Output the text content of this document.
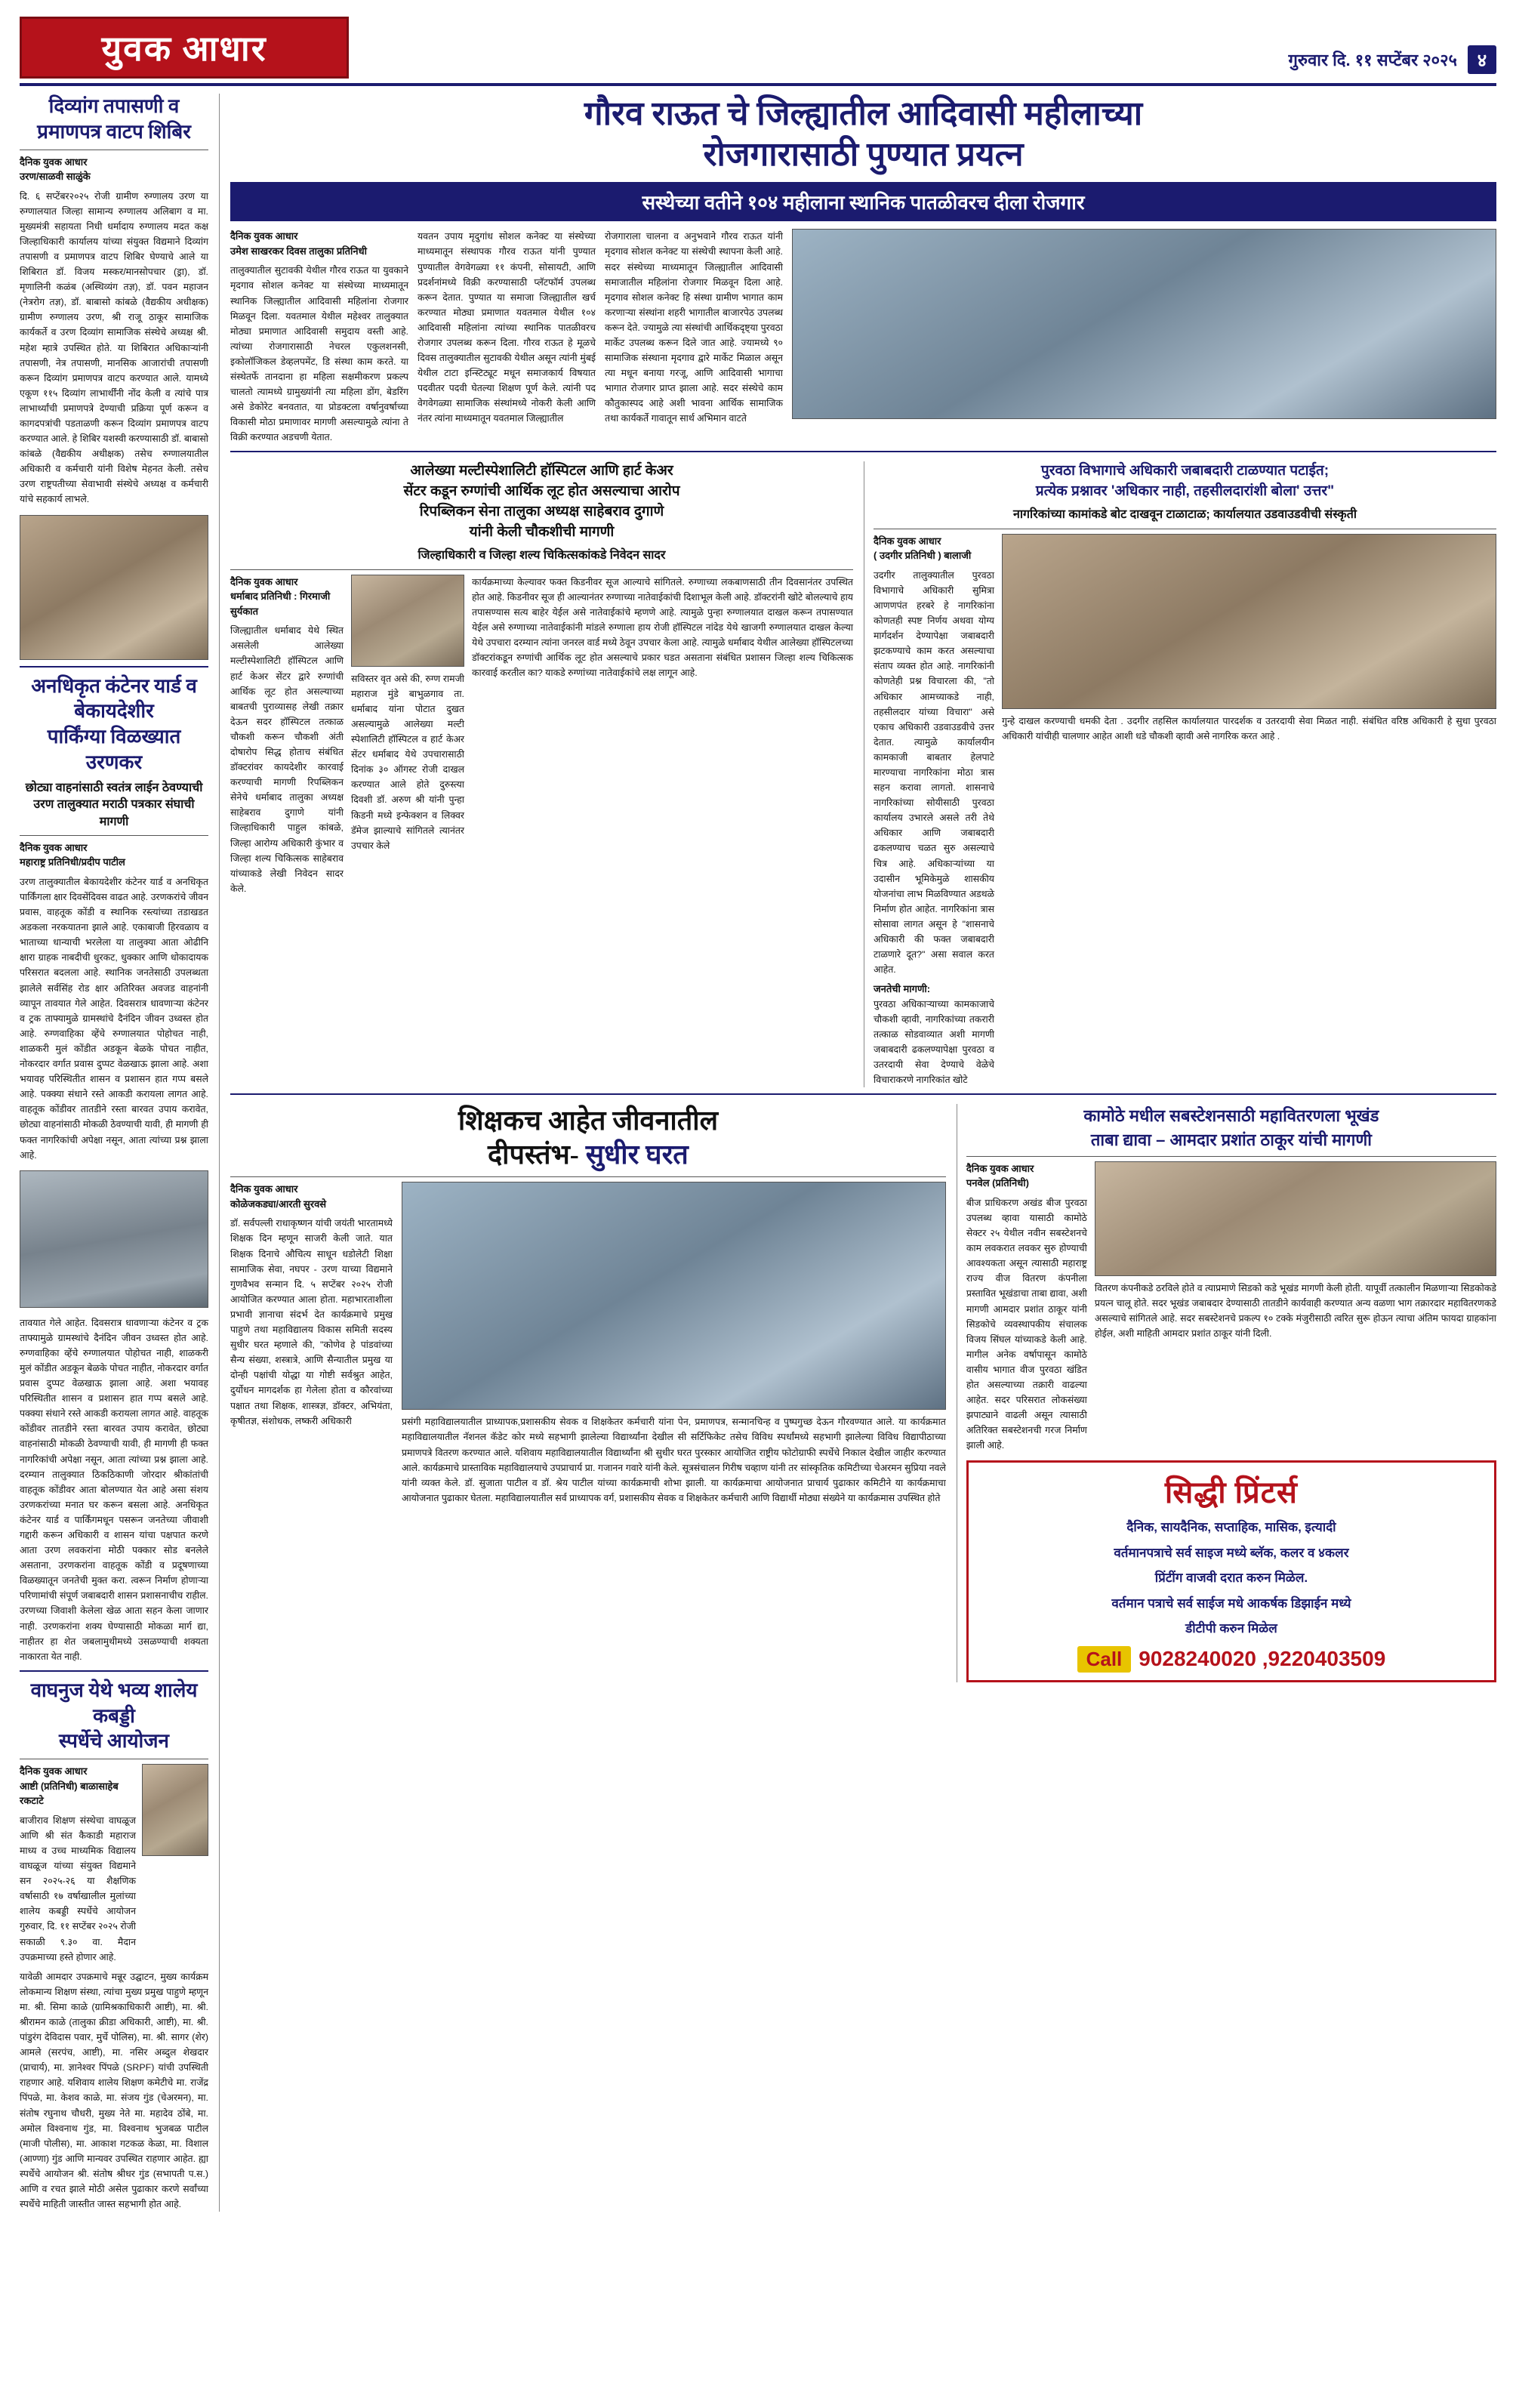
युवक आधार	गुरुवार दि. ११ सप्टेंबर २०२५	४
दिव्यांग तपासणी व प्रमाणपत्र वाटप शिबिर
दैनिक युवक आधार
उरण/साळवी साळुंके
दि. ६ सप्टेंबर२०२५ रोजी ग्रामीण रुग्णालय उरण या रुग्णालयात जिल्हा सामान्य रुग्णालय अलिबाग व मा. मुख्यमंत्री सहायता निधी धर्मादाय रुग्णालय मदत कक्ष जिल्हाधिकारी कार्यालय यांच्या संयुक्त विद्यमाने दिव्यांग तपासणी व प्रमाणपत्र वाटप शिबिर घेण्याचे आले या शिबिरात डॉ. विजय मस्कर/मानसोपचार (ड्रा), डॉ. मृणालिनी कळंब (अस्थिव्यंग तज्ञ), डॉ. पवन महाजन (नेत्ररोग तज्ञ), डॉ. बाबासो कांबळे (वैद्यकीय अधीक्षक) ग्रामीण रुग्णालय उरण, श्री राजू ठाकूर सामाजिक कार्यकर्ते व उरण दिव्यांग सामाजिक संस्थेचे अध्यक्ष श्री. महेश म्हात्रे उपस्थित होते. या शिबिरात अधिकाऱ्यांनी तपासणी, नेत्र तपासणी, मानसिक आजारांची तपासणी करून दिव्यांग प्रमाणपत्र वाटप करण्यात आले. यामध्ये एकूण ११५ दिव्यांग लाभार्थींनी नोंद केली व त्यांचे पात्र लाभार्थ्यांची प्रमाणपत्रे देण्याची प्रक्रिया पूर्ण करून व कागदपत्रांची पडताळणी करून दिव्यांग प्रमाणपत्र वाटप करण्यात आले. हे शिबिर यशस्वी करण्यासाठी डॉ. बाबासो कांबळे (वैद्यकीय अधीक्षक) तसेच रुग्णालयातील अधिकारी व कर्मचारी यांनी विशेष मेहनत केली. तसेच उरण राष्ट्रपतीच्या सेवाभावी संस्थेचे अध्यक्ष व कर्मचारी यांचे सहकार्य लाभले.
अनधिकृत कंटेनर यार्ड व बेकायदेशीर
पार्किंग्या विळख्यात उरणकर
छोट्या वाहनांसाठी स्वतंत्र लाईन ठेवण्याची
उरण तालुक्यात मराठी पत्रकार संघाची मागणी
दैनिक युवक आधार
महाराष्ट्र प्रतिनिधी/प्रदीप पाटील
उरण तालुक्यातील बेकायदेशीर कंटेनर यार्ड व अनधिकृत पार्किंगला क्षार दिवसेंदिवस वाढत आहे. उरणकरांचे जीवन प्रवास, वाहतूक कोंडी व स्थानिक रस्त्यांच्या तडाखडत अडकला नरकयातना झाले आहे. एकाबाजी हिरवळाय व भाताच्या धान्याची भरलेला या तालुक्या आता ओढीनि क्षारा ग्राहक नाबदीची धुरकट, धुक्कार आणि धोकादायक परिसरात बदलला आहे. स्थानिक जनतेसाठी उपलब्धता झालेले सर्वसिंह रोड क्षार अतिरिक्त अवजड वाहनांनी व्यापून तावयात गेले आहेत. दिवसरात्र धावणाऱ्या कंटेनर व ट्रक ताफ्यामुळे ग्रामस्थांचे दैनंदिन जीवन उध्वस्त होत आहे. रुग्णवाहिका व्हेंचे रुग्णालयात पोहोचत नाही, शाळकरी मुलं कोंडीत अडकून बेळके पोचत नाहीत, नोकरदार वर्गात प्रवास दुप्पट वेळखाऊ झाला आहे. अशा भयावह परिस्थितीत शासन व प्रशासन हात गप्प बसले आहे. पक्क्या संधाने रस्ते आकडी करायला लागत आहे. वाहतूक कोंडीवर तातडीने रस्ता बारवत उपाय करावेत, छोट्या वाहनांसाठी मोकळी ठेवण्याची यावी, ही मागणी ही फक्त नागरिकांची अपेक्षा नसून, आता त्यांच्या प्रश्न झाला आहे.
तावयात गेले आहेत. दिवसरात्र धावणाऱ्या कंटेनर व ट्रक ताफ्यामुळे ग्रामस्थांचे दैनंदिन जीवन उध्वस्त होत आहे. रुग्णवाहिका व्हेंचे रुग्णालयात पोहोचत नाही, शाळकरी मुलं कोंडीत अडकून बेळके पोचत नाहीत, नोकरदार वर्गात प्रवास दुप्पट वेळखाऊ झाला आहे. अशा भयावह परिस्थितीत शासन व प्रशासन हात गप्प बसले आहे. पक्क्या संधाने रस्ते आकडी करायला लागत आहे. वाहतूक कोंडीवर तातडीने रस्ता बारवत उपाय करावेत, छोट्या वाहनांसाठी मोकळी ठेवण्याची यावी, ही मागणी ही फक्त नागरिकांची अपेक्षा नसून, आता त्यांच्या प्रश्न झाला आहे. दरम्यान तालुक्यात ठिकठिकाणी जोरदार श्रीकांतांची वाहतूक कोंडीवर आता बोलण्यात येत आहे असा संशय उरणकरांच्या मनात घर करून बसला आहे. अनधिकृत कंटेनर यार्ड व पार्किंगमधून पसरून जनतेच्या जीवाशी गद्दारी करून अधिकारी व शासन यांचा पक्षपात करणे आता उरण लवकरांना मोठी पक्कार सोड बनलेले असताना, उरणकरांना वाहतूक कोंडी व प्रदूषणाच्या विळख्यातून जनतेची मुक्त करा. त्वरून निर्माण होणाऱ्या परिणामांची संपूर्ण जबाबदारी शासन प्रशासनाचीच राहील. उरणच्या जिवाशी केलेला खेळ आता सहन केला जाणार नाही. उरणकरांना शक्य घेण्यासाठी मोकळा मार्ग द्या, नाहीतर हा शेत जबलामुथीमध्ये उसळण्याची शक्यता नाकारता येत नाही.
वाघनुज येथे भव्य शालेय कबड्डी
स्पर्धेचे आयोजन
दैनिक युवक आधार
आष्टी (प्रतिनिधी) बाळासाहेब रकटाटे
बाजीराव शिक्षण संस्थेचा वाघळूज आणि श्री संत कैकाडी महाराज माध्य व उच्च माध्यमिक विद्यालय वाघळूज यांच्या संयुक्त विद्यमाने सन २०२५-२६ या शैक्षणिक वर्षासाठी १७ वर्षाखालील मुलांच्या शालेय कबड्डी स्पर्धेचे आयोजन गुरुवार, दि. ११ सप्टेंबर २०२५ रोजी सकाळी ९.३० वा. मैदान उपक्रमाच्या हस्ते होणार आहे.
यावेळी आमदार उपक्रमाचे मन्नूर उद्घाटन, मुख्य कार्यक्रम लोकमान्य शिक्षण संस्था, त्यांचा मुख्य प्रमुख पाहुणे म्हणून मा. श्री. सिमा काळे (ग्रामिश्रकाधिकारी आष्टी), मा. श्री. श्रीरामन काळे (तालुका क्रीडा अधिकारी, आष्टी), मा. श्री. पांडुरंग देविदास पवार, मुर्चे पोलिस), मा. श्री. सागर (शेर) आमले (सरपंच, आष्टी), मा. नसिर अब्दुल शेखदार (प्राचार्य), मा. ज्ञानेश्वर पिंपळे (SRPF) यांची उपस्थिती राहणार आहे. यशिवाय शालेय शिक्षण कमेटीचे मा. राजेंद्र पिंपळे, मा. केशव काळे, मा. संजय गुंड (चेअरमन), मा. संतोष रघुनाथ चौधरी, मुख्य नेते मा. महादेव ठोंबे, मा. अमोल विश्वनाथ गुंड, मा. विश्वनाथ भुजबळ पाटील (माजी पोलीस), मा. आकाश गटकळ केळा, मा. विशाल (आण्णा) गुंड आणि मान्यवर उपस्थित राहणार आहेत. ह्या स्पर्धेचे आयोजन श्री. संतोष श्रीधर गुंड (सभापती प.स.) आणि व रचत झाले मोठी असेल पुढाकार करणे सर्वांच्या स्पर्धेचे माहिती जास्तीत जास्त सहभागी होत आहे.
गौरव राऊत चे जिल्ह्यातील आदिवासी महीलाच्या
रोजगारासाठी पुण्यात प्रयत्न
सस्थेच्या वतीने १०४ महीलाना स्थानिक पातळीवरच दीला रोजगार
दैनिक युवक आधार
उमेश साखरकर दिवस तालुका प्रतिनिधी
तालुक्यातील सुटावकी येथील गौरव राऊत या युवकाने मृदगाव सोशल कनेक्ट या संस्थेच्या माध्यमातून स्थानिक जिल्ह्यातील आदिवासी महिलांना रोजगार मिळवून दिला. यवतमाल येथील महेश्वर तालुक्यात मोठ्या प्रमाणात आदिवासी समुदाय वस्ती आहे. त्यांच्या रोजगारासाठी नेचरल एकुलशनसी, इकोलॉजिकल डेव्हलपमेंट, डि संस्था काम करते. या संस्थेतर्फे तानदाना हा महिला सक्षमीकरण प्रकल्प चालतो त्यामध्ये ग्रामुख्यांनी त्या महिला डोंग, बेडरिंग असे डेकोरेट बनवतात, या प्रोडक्टला वर्षानुवर्षाच्या विकासी मोठा प्रमाणावर मागणी असल्यामुळे त्यांना ते विक्री करण्यात अडचणी येतात.
यवतन उपाय मृदुगांध सोशल कनेक्ट या संस्थेच्या माध्यमातून संस्थापक गौरव राऊत यांनी पुण्यात पुण्यातील वेगवेगळ्या ११ कंपनी, सोसायटी, आणि प्रदर्शनांमध्ये विक्री करण्यासाठी प्लॅटफॉर्म उपलब्ध करून देतात. पुण्यात या समाजा जिल्ह्यातील खर्च करण्यात मोठ्या प्रमाणात यवतमाल येथील १०४ आदिवासी महिलांना त्यांच्या स्थानिक पातळीवरच रोजगार उपलब्ध करून दिला. गौरव राऊत हे मूळचे दिवस तालुक्यातील सुटावकी येथील असून त्यांनी मुंबई येथील टाटा इन्स्टिट्यूट मधून समाजकार्य विषयात पदवीतर पदवी घेतल्या शिक्षण पूर्ण केले. त्यांनी पद वेगवेगळ्या सामाजिक संस्थांमध्ये नोकरी केली आणि नंतर त्यांना माध्यमातून यवतमाल जिल्ह्यातील
रोजगाराला चालना व अनुभवाने गौरव राऊत यांनी मृदगाव सोशल कनेक्ट या संस्थेची स्थापना केली आहे. सदर संस्थेच्या माध्यमातून जिल्ह्यातील आदिवासी समाजातील महिलांना रोजगार मिळवून दिला आहे. मृदगाव सोशल कनेक्ट हि संस्था ग्रामीण भागात काम करणाऱ्या संस्थांना शहरी भागातील बाजारपेठ उपलब्ध करून देते. ज्यामुळे त्या संस्थांची आर्थिकदृष्ट्या पुरवठा मार्केट उपलब्ध करून दिले जात आहे. ज्यामध्ये ९० सामाजिक संस्थाना मृदगाव द्वारे मार्केट मिळाल असून त्या मधून बनाया गरजू, आणि आदिवासी भागाचा भागात रोजगार प्राप्त झाला आहे. सदर संस्थेचे काम कौतुकास्पद आहे अशी भावना आर्थिक सामाजिक तथा कार्यकर्ते गावातून सार्थ अभिमान वाटते
आलेख्या मल्टीस्पेशालिटी हॉस्पिटल आणि हार्ट केअर
सेंटर कडून रुग्णांची आर्थिक लूट होत असल्याचा आरोप
रिपब्लिकन सेना तालुका अध्यक्ष साहेबराव दुगाणे
यांनी केली चौकशीची मागणी
जिल्हाधिकारी व जिल्हा शल्य चिकित्सकांकडे निवेदन सादर
दैनिक युवक आधार
धर्माबाद प्रतिनिधी : गिरमाजी सुर्यकात
जिल्ह्यातील धर्माबाद येथे स्थित असलेली आलेख्या मल्टीस्पेशालिटी हॉस्पिटल आणि हार्ट केअर सेंटर द्वारे रुग्णांची आर्थिक लूट होत असल्याच्या बाबतची पुराव्यासह लेखी तक्रार देऊन सदर हॉस्पिटल तत्काळ चौकशी करून चौकशी अंती दोषारोप सिद्ध होताच संबंधित डॉक्टरांवर कायदेशीर कारवाई करण्याची मागणी रिपब्लिकन सेनेचे धर्माबाद तालुका अध्यक्ष साहेबराव दुगाणे यांनी जिल्हाधिकारी पाहुल कांबळे, जिल्हा आरोग्य अधिकारी कुंभार व जिल्हा शल्य चिकित्सक साहेबराव यांच्याकडे लेखी निवेदन सादर केले.
सविस्तर वृत असे की, रुग्ण रामजी महाराज मुंडे बाभुळगाव ता. धर्माबाद यांना पोटात दुखत असल्यामुळे आलेख्या मल्टी स्पेशालिटी हॉस्पिटल व हार्ट केअर सेंटर धर्माबाद येथे उपचारासाठी दिनांक ३० ऑगस्ट रोजी दाखल करण्यात आले होते दुरुस्त्या दिवशी डॉ. अरुण श्री यांनी पुन्हा किडनी मध्ये इन्फेक्शन व लिक्वर डॅमेज झाल्याचे सांगितले त्यानंतर उपचार केले
कार्यक्रमाच्या केल्यावर फक्त किडनीवर सूज आल्याचे सांगितले. रुग्णाच्या लकबाणसाठी तीन दिवसानंतर उपस्थित होत आहे. किडनीवर सूज ही आल्यानंतर रुग्णाच्या नातेवाईकांची दिशाभूल केली आहे. डॉक्टरांनी खोटे बोलल्याचे हाय तपासण्यास सत्य बाहेर येईल असे नातेवाईकांचे म्हणणे आहे. त्यामुळे पुन्हा रुग्णालयात दाखल करून तपासण्यात येईल असे रुग्णाच्या नातेवाईकांनी मांडले रुग्णाला हाय रोजी हॉस्पिटल नांदेड येथे खाजगी रुग्णालयात दाखल केल्या येथे उपचारा दरम्यान त्यांना जनरल वार्ड मध्ये ठेवून उपचार केला आहे. त्यामुळे धर्माबाद येथील आलेख्या हॉस्पिटलच्या डॉक्टरांकडून रुग्णांची आर्थिक लूट होत असल्याचे प्रकार घडत असताना संबंधित प्रशासन जिल्हा शल्य चिकित्सक कारवाई करतील का? याकडे रुग्णांच्या नातेवाईकांचे लक्ष लागून आहे.
पुरवठा विभागाचे अधिकारी जबाबदारी टाळण्यात पटाईत;
प्रत्येक प्रश्नावर 'अधिकार नाही, तहसीलदारांशी बोला' उत्तर"
नागरिकांच्या कामांकडे बोट दाखवून टाळाटाळ; कार्यालयात उडवाउडवीची संस्कृती
दैनिक युवक आधार
( उदगीर प्रतिनिधी ) बालाजी
उदगीर तालुक्यातील पुरवठा विभागाचे अधिकारी सुमित्रा आणणपंत हरबरे हे नागरिकांना कोणतही स्पष्ट निर्णय अथवा योग्य मार्गदर्शन देण्यापेक्षा जबाबदारी झटकण्याचे काम करत असल्याचा संताप व्यक्त होत आहे. नागरिकांनी कोणतेही प्रश्न विचारला की, "तो अधिकार आमच्याकडे नाही, तहसीलदार यांच्या विचारा" असे एकाच अधिकारी उडवाउडवीचे उत्तर देतात. त्यामुळे कार्यालयीन कामकाजी बाबतार हेलपाटे मारण्याचा नागरिकांना मोठा त्रास सहन करावा लागतो. शासनाचे नागरिकांच्या सोयीसाठी पुरवठा कार्यालय उभारले असले तरी तेथे अधिकार आणि जबाबदारी ढकलण्याच चळत सुरु असल्याचे चित्र आहे. अधिकाऱ्यांच्या या उदासीन भूमिकेमुळे शासकीय योजनांचा लाभ मिळविण्यात अडथळे निर्माण होत आहेत. नागरिकांना त्रास सोसावा लागत असून हे "शासनाचे अधिकारी की फक्त जबाबदारी टाळणारे दूत?" असा सवाल करत आहेत.
जनतेची मागणी:
पुरवठा अधिकाऱ्याच्या कामकाजाचे चौकशी व्हावी, नागरिकांच्या तकरारी तत्काळ सोडवाव्यात अशी मागणी जबाबदारी ढकलण्यापेक्षा पुरवठा व उतरदायी सेवा देण्याचे वेळेचे विचाराकरणे नागरिकांत खोटे
गुन्हे दाखल करण्याची धमकी देता . उदगीर तहसिल कार्यालयात पारदर्शक व उतरदायी सेवा मिळत नाही. संबंधित वरिष्ठ अधिकारी हे सुधा पुरवठा अधिकारी यांचीही चालणार आहेत आशी धडे चौकशी व्हावी असे नागरिक करत आहे .
शिक्षकच आहेत जीवनातील
दीपस्तंभ- सुधीर घरत
दैनिक युवक आधार
कोळेजकड्या/आरती सुरवसे
डॉ. सर्वपल्ली राधाकृष्णन यांची जयंती भारतामध्ये शिक्षक दिन म्हणून साजरी केली जाते. यात शिक्षक दिनाचे औचित्य साधून धडोलेटी शिक्षा सामाजिक सेवा, नघपर - उरण याच्या विद्यमाने गुणवैभव सन्मान दि. ५ सप्टेंबर २०२५ रोजी आयोजित करण्यात आला होता. महाभारताशीला प्रभावी ज्ञानाचा संदर्भ देत कार्यक्रमाचे प्रमुख पाहुणे तथा महाविद्यालय विकास समिती सदस्य सुधीर घरत म्हणाले की, "कोणेव हे पांडवांच्या सैन्य संख्या, शस्त्रात्रे, आणि सैन्यातील प्रमुख या दोन्ही पक्षांची योद्धा या गोष्टी सर्वश्रुत आहेत, दुर्योधन मागदर्शक हा गेलेला होता व कौरवांच्या पक्षात तथा शिक्षक, शास्त्रज्ञ, डॉक्टर, अभियंता, कृषीतज्ञ, संशोधक, लष्करी अधिकारी	प्रसंगी महाविद्यालयातील प्राध्यापक,प्रशासकीय सेवक व शिक्षकेतर कर्मचारी यांना पेन, प्रमाणपत्र, सन्मानचिन्ह व पुष्पगुच्छ देऊन गौरवण्यात आले. या कार्यक्रमात महाविद्यालयातील नॅशनल कॅडेट कोर मध्ये सहभागी झालेल्या विद्यार्थ्यांना देखील सी सर्टिफिकेट तसेच विविध स्पर्धांमध्ये सहभागी झालेल्या विविध विद्यापीठाच्या प्रमाणपत्रे वितरण करण्यात आले. यशिवाय महाविद्यालयातील विद्यार्थ्यांना श्री सुधीर घरत पुरस्कार आयोजित राष्ट्रीय फोटोग्राफी स्पर्धेचे निकाल देखील जाहीर करण्यात आले. कार्यक्रमाचे प्रास्ताविक महाविद्यालयाचे उपप्राचार्य प्रा. गजानन गवारे यांनी केले. सूत्रसंचालन गिरीष चव्हाण यांनी तर सांस्कृतिक कमिटीच्या चेअरमन सुप्रिया नवले यांनी व्यक्त केले. डॉ. सुजाता पाटील व डॉ. श्रेय पाटील यांच्या कार्यक्रमाची शोभा झाली. या कार्यक्रमाचा आयोजनात प्राचार्य पुढाकार कमिटीने या कार्यक्रमाचा आयोजनात पुढाकार घेतला. महाविद्यालयातील सर्व प्राध्यापक वर्ग, प्रशासकीय सेवक व शिक्षकेतर कर्मचारी आणि विद्यार्थी मोठ्या संख्येने या कार्यक्रमास उपस्थित होते
कामोठे मधील सबस्टेशनसाठी महावितरणला भूखंड
ताबा द्यावा – आमदार प्रशांत ठाकूर यांची मागणी
दैनिक युवक आधार
पनवेल (प्रतिनिधी)
बीज प्राधिकरण अखंड बीज पुरवठा उपलब्ध व्हावा यासाठी कामोठे सेक्टर २५ येथील नवीन सबस्टेशनचे काम लवकरात लवकर सुरु होण्याची आवश्यकता असून त्यासाठी महाराष्ट्र राज्य वीज वितरण कंपनीला प्रस्तावित भूखंडाचा ताबा द्यावा, अशी मागणी आमदार प्रशांत ठाकूर यांनी सिडकोचे व्यवस्थापकीय संचालक विजय सिंघल यांच्याकडे केली आहे. मागील अनेक वर्षापासून कामोठे वासीय भागात वीज पुरवठा खंडित होत असल्याच्या तक्रारी वाढल्या आहेत. सदर परिसरात लोकसंख्या झपाट्याने वाढली असून त्यासाठी अतिरिक्त सबस्टेशनची गरज निर्माण झाली आहे.
वितरण कंपनीकडे ठरविले होते व त्याप्रमाणे सिडको कडे भूखंड मागणी केली होती. यापूर्वी तत्कालीन मिळणाऱ्या सिडकोकडे प्रयत्न चालू होते. सदर भूखंड जबाबदार देण्यासाठी तातडीने कार्यवाही करण्यात अन्य वळणा भाग तक्रारदार महावितरणकडे असल्याचे सांगितले आहे. सदर सबस्टेशनचे प्रकल्प १० टक्के मंजुरीसाठी त्वरित सुरू होऊन त्याचा अंतिम फायदा ग्राहकांना होईल, अशी माहिती आमदार प्रशांत ठाकूर यांनी दिली.
सिद्धी प्रिंटर्स
दैनिक, सायदैनिक, सप्ताहिक, मासिक, इत्यादी
वर्तमानपत्राचे सर्व साइज मध्ये ब्लॅक, कलर व ४कलर
प्रिंटींग वाजवी दरात करुन मिळेल.
वर्तमान पत्राचे सर्व साईज मधे आकर्षक डिझाईन मध्ये
डीटीपी करुन मिळेल
Call 9028240020 ,9220403509
